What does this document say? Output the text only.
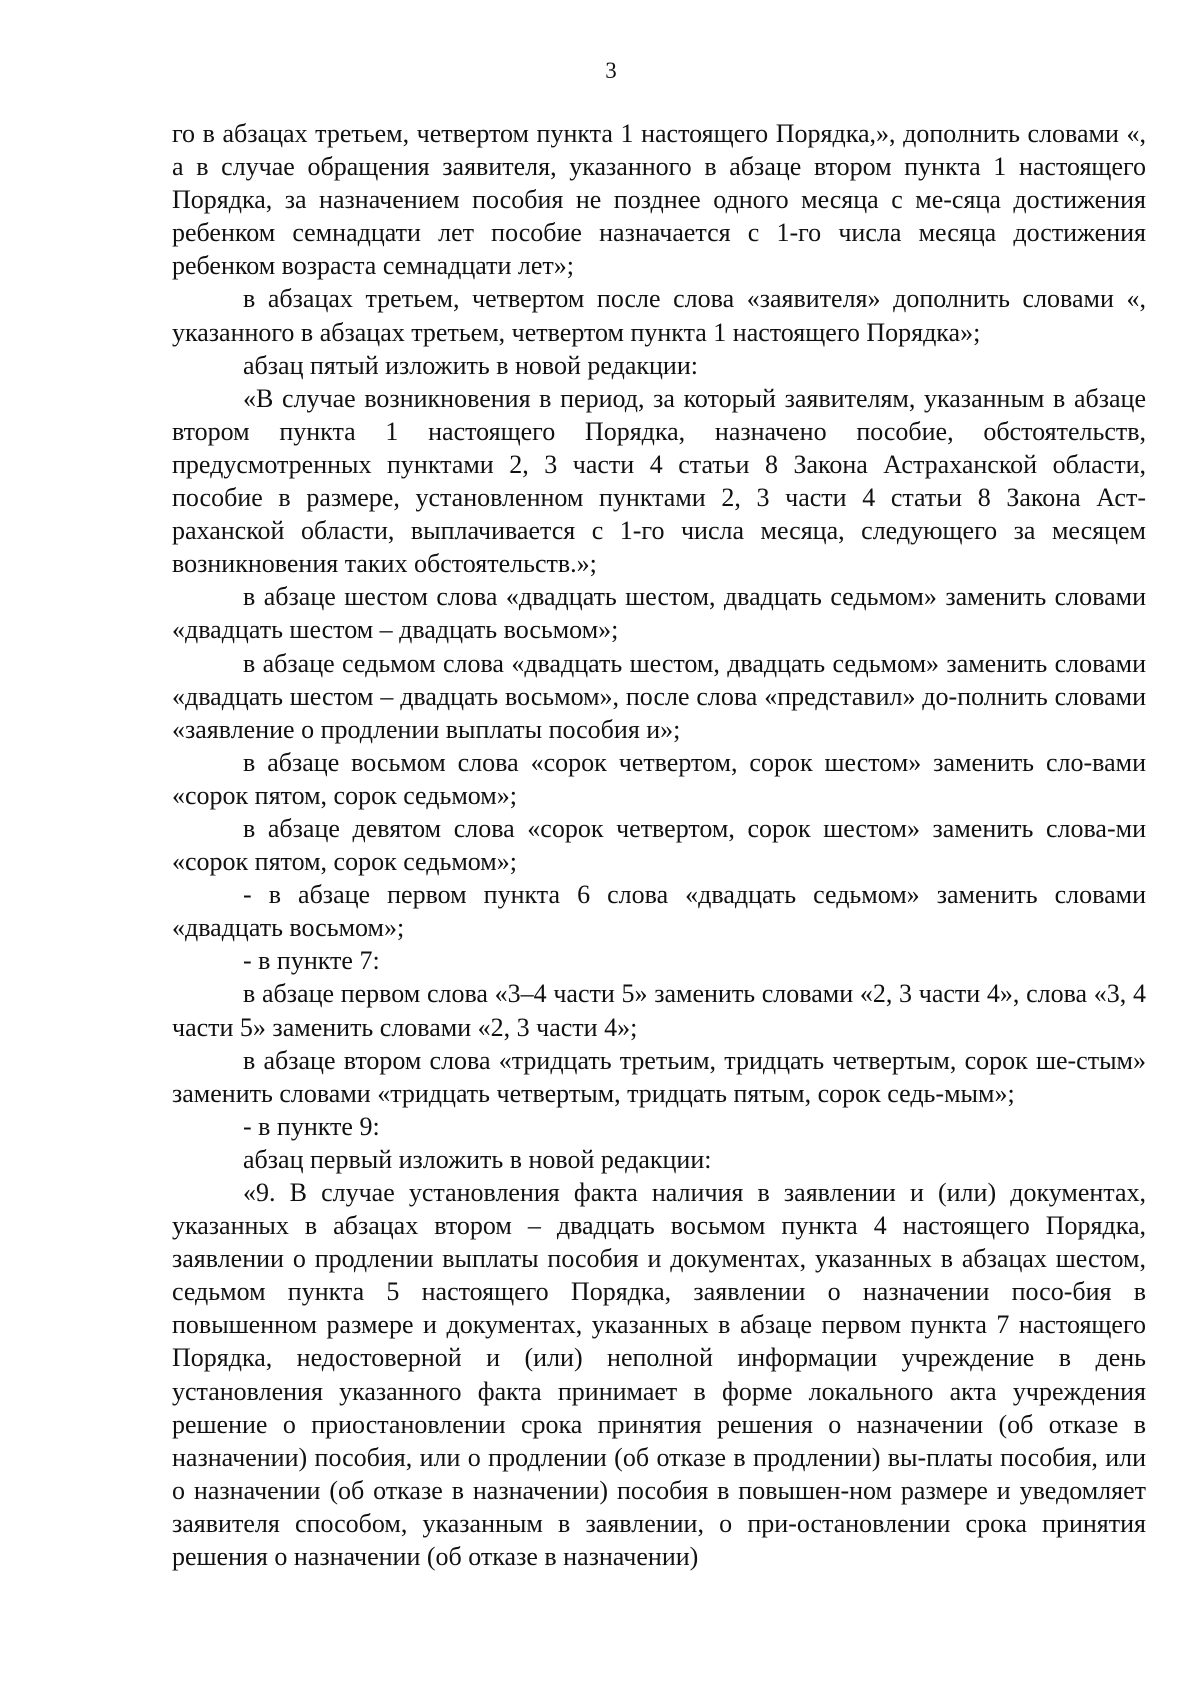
3

го в абзацах третьем, четвертом пункта 1 настоящего Порядка,», дополнить словами «, а в случае обращения заявителя, указанного в абзаце втором пункта 1 настоящего Порядка, за назначением пособия не позднее одного месяца с ме-сяца достижения ребенком семнадцати лет пособие назначается с 1-го числа месяца достижения ребенком возраста семнадцати лет»;

в абзацах третьем, четвертом после слова «заявителя» дополнить словами «, указанного в абзацах третьем, четвертом пункта 1 настоящего Порядка»;

абзац пятый изложить в новой редакции:

«В случае возникновения в период, за который заявителям, указанным в абзаце втором пункта 1 настоящего Порядка, назначено пособие, обстоятельств, предусмотренных пунктами 2, 3 части 4 статьи 8 Закона Астраханской области, пособие в размере, установленном пунктами 2, 3 части 4 статьи 8 Закона Аст-раханской области, выплачивается с 1-го числа месяца, следующего за месяцем возникновения таких обстоятельств.»;

в абзаце шестом слова «двадцать шестом, двадцать седьмом» заменить словами «двадцать шестом – двадцать восьмом»;

в абзаце седьмом слова «двадцать шестом, двадцать седьмом» заменить словами «двадцать шестом – двадцать восьмом», после слова «представил» до-полнить словами «заявление о продлении выплаты пособия и»;

в абзаце восьмом слова «сорок четвертом, сорок шестом» заменить сло-вами «сорок пятом, сорок седьмом»;

в абзаце девятом слова «сорок четвертом, сорок шестом» заменить слова-ми «сорок пятом, сорок седьмом»;

- в абзаце первом пункта 6 слова «двадцать седьмом» заменить словами «двадцать восьмом»;

- в пункте 7:

в абзаце первом слова «3–4 части 5» заменить словами «2, 3 части 4», слова «3, 4 части 5» заменить словами «2, 3 части 4»;

в абзаце втором слова «тридцать третьим, тридцать четвертым, сорок ше-стым» заменить словами «тридцать четвертым, тридцать пятым, сорок седь-мым»;

- в пункте 9:

абзац первый изложить в новой редакции:

«9. В случае установления факта наличия в заявлении и (или) документах, указанных в абзацах втором – двадцать восьмом пункта 4 настоящего Порядка, заявлении о продлении выплаты пособия и документах, указанных в абзацах шестом, седьмом пункта 5 настоящего Порядка, заявлении о назначении посо-бия в повышенном размере и документах, указанных в абзаце первом пункта 7 настоящего Порядка, недостоверной и (или) неполной информации учреждение в день установления указанного факта принимает в форме локального акта учреждения решение о приостановлении срока принятия решения о назначении (об отказе в назначении) пособия, или о продлении (об отказе в продлении) вы-платы пособия, или о назначении (об отказе в назначении) пособия в повышен-ном размере и уведомляет заявителя способом, указанным в заявлении, о при-остановлении срока принятия решения о назначении (об отказе в назначении)
